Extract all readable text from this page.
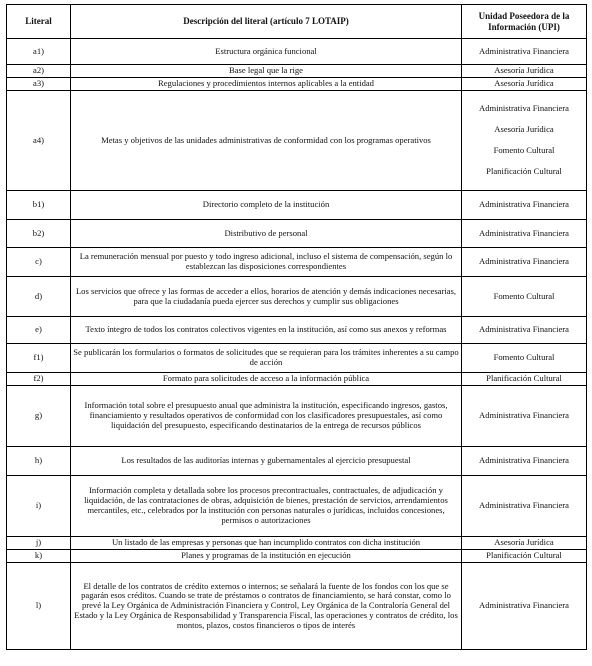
Literal	Descripción del literal (artículo 7 LOTAIP)	Unidad Poseedora de la Información (UPI)
a1)	Estructura orgánica funcional	Administrativa Financiera

a2)	Base legal que la rige	Asesoría Jurídica

a3)	Regulaciones y procedimientos internos aplicables a la entidad	Asesoría Jurídica

a4)	Metas y objetivos de las unidades administrativas de conformidad con los programas operativos	Administrativa Financiera
Asesoría Jurídica
Fomento Cultural
Planificación Cultural

b1)	Directorio completo de la institución	Administrativa Financiera

b2)	Distributivo de personal	Administrativa Financiera

c)	La remuneración mensual por puesto y todo ingreso adicional, incluso el sistema de compensación, según lo establezcan las disposiciones correspondientes	Administrativa Financiera

d)	Los servicios que ofrece y las formas de acceder a ellos, horarios de atención y demás indicaciones necesarias, para que la ciudadanía pueda ejercer sus derechos y cumplir sus obligaciones	Fomento Cultural

e)	Texto íntegro de todos los contratos colectivos vigentes en la institución, así como sus anexos y reformas	Administrativa Financiera

f1)	Se publicarán los formularios o formatos de solicitudes que se requieran para los trámites inherentes a su campo de acción	Fomento Cultural

f2)	Formato para solicitudes de acceso a la información pública	Planificación Cultural

g)	Información total sobre el presupuesto anual que administra la institución, especificando ingresos, gastos, financiamiento y resultados operativos de conformidad con los clasificadores presupuestales, así como liquidación del presupuesto, especificando destinatarios de la entrega de recursos públicos	Administrativa Financiera

h)	Los resultados de las auditorías internas y gubernamentales al ejercicio presupuestal	Administrativa Financiera

i)	Información completa y detallada sobre los procesos precontractuales, contractuales, de adjudicación y liquidación, de las contrataciones de obras, adquisición de bienes, prestación de servicios, arrendamientos mercantiles, etc., celebrados por la institución con personas naturales o jurídicas, incluidos concesiones, permisos o autorizaciones	Administrativa Financiera

j)	Un listado de las empresas y personas que han incumplido contratos con dicha institución	Asesoría Jurídica

k)	Planes y programas de la institución en ejecución	Planificación Cultural

l)	El detalle de los contratos de crédito externos o internos; se señalará la fuente de los fondos con los que se pagarán esos créditos. Cuando se trate de préstamos o contratos de financiamiento, se hará constar, como lo prevé la Ley Orgánica de Administración Financiera y Control, Ley Orgánica de la Contraloría General del Estado y la Ley Orgánica de Responsabilidad y Transparencia Fiscal, las operaciones y contratos de crédito, los montos, plazos, costos financieros o tipos de interés	Administrativa Financiera
